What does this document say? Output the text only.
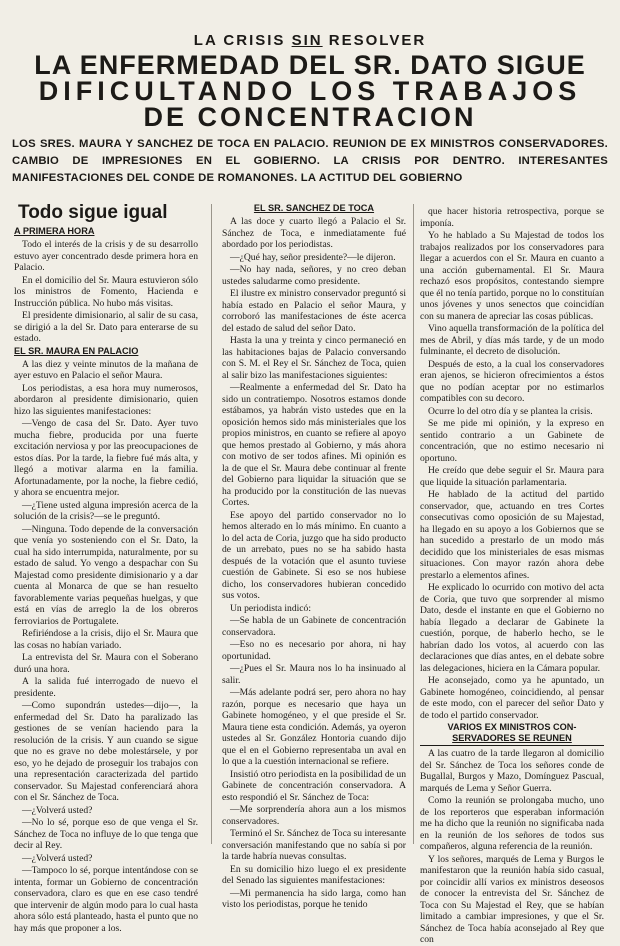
LA CRISIS SIN RESOLVER
LA ENFERMEDAD DEL SR. DATO SIGUE
DIFICULTANDO LOS TRABAJOS
DE CONCENTRACION
LOS SRES. MAURA Y SANCHEZ DE TOCA EN PALACIO. REUNION DE EX MINISTROS CONSERVADORES. CAMBIO DE IMPRESIONES EN EL GOBIERNO. LA CRISIS POR DENTRO. INTERESANTES MANIFESTACIONES DEL CONDE DE ROMANONES. LA ACTITUD DEL GOBIERNO
Todo sigue igual
A PRIMERA HORA

Todo el interés de la crisis y de su desarrollo estuvo ayer concentrado desde primera hora en Palacio.

En el domicilio del Sr. Maura estuvieron sólo los ministros de Fomento, Hacienda e Instrucción pública. No hubo más visitas.

El presidente dimisionario, al salir de su casa, se dirigió a la del Sr. Dato para enterarse de su estado.

EL SR. MAURA EN PALACIO

A las diez y veinte minutos de la mañana de ayer estuvo en Palacio el señor Maura.

Los periodistas, a esa hora muy numerosos, abordaron al presidente dimisionario, quien hizo las siguientes manifestaciones:

—Vengo de casa del Sr. Dato. Ayer tuvo mucha fiebre, producida por una fuerte excitación nerviosa y por las preocupaciones de estos días. Por la tarde, la fiebre fué más alta, y llegó a motivar alarma en la familia. Afortunadamente, por la noche, la fiebre cedió, y ahora se encuentra mejor.

—¿Tiene usted alguna impresión acerca de la solución de la crisis?—se le preguntó.

—Ninguna. Todo depende de la conversación que venía yo sosteniendo con el Sr. Dato, la cual ha sido interrumpida, naturalmente, por su estado de salud. Yo vengo a despachar con Su Majestad como presidente dimisionario y a dar cuenta al Monarca de que se han resuelto favorablemente varias pequeñas huelgas, y que está en vías de arreglo la de los obreros ferroviarios de Portugalete.

Refiriéndose a la crisis, dijo el Sr. Maura que las cosas no habían variado.

La entrevista del Sr. Maura con el Soberano duró una hora.

A la salida fué interrogado de nuevo el presidente.

—Como supondrán ustedes—dijo—, la enfermedad del Sr. Dato ha paralizado las gestiones de se venían haciendo para la resolución de la crisis. Y aun cuando se sigue que no es grave no debe molestársele, y por eso, yo he dejado de proseguir los trabajos con una representación caracterizada del partido conservador. Su Majestad conferenciará ahora con el Sr. Sánchez de Toca.

—¿Volverá usted?

—No lo sé, porque eso de que venga el Sr. Sánchez de Toca no influye de lo que tenga que decir al Rey.

—¿Volverá usted?

—Tampoco lo sé, porque intentándose con se intenta, formar un Gobierno de concentración conservadora, claro es que en ese caso tendré que intervenir de algún modo para lo cual hasta ahora sólo está planteado, hasta el punto que no hay más que proponer a los.

EL SR. SANCHEZ DE TOCA

A las doce y cuarto llegó a Palacio el Sr. Sánchez de Toca, e inmediatamente fué abordado por los periodistas.

—¿Qué hay, señor presidente?—le dijeron.

—No hay nada, señores, y no creo deban ustedes saludarme como presidente.

El ilustre ex ministro conservador preguntó si había estado en Palacio el señor Maura, y corroboró las manifestaciones de éste acerca del estado de salud del señor Dato.

Hasta la una y treinta y cinco permaneció en las habitaciones bajas de Palacio conversando con S. M. el Rey el Sr. Sánchez de Toca, quien al salir bizo las manifestaciones siguientes:

—Realmente a enfermedad del Sr. Dato ha sido un contratiempo. Nosotros estamos donde estábamos, ya habrán visto ustedes que en la oposición hemos sido más ministeriales que los propios ministros, en cuanto se refiere al apoyo que hemos prestado al Gobierno, y más ahora con motivo de ser todos afines. Mi opinión es la de que el Sr. Maura debe continuar al frente del Gobierno para liquidar la situación que se ha producido por la constitución de las nuevas Cortes.

Ese apoyo del partido conservador no lo hemos alterado en lo más mínimo. En cuanto a lo del acta de Coria, juzgo que ha sido producto de un arrebato, pues no se ha sabido hasta después de la votación que el asunto tuviese cuestión de Gabinete. Si eso se nos hubiese dicho, los conservadores hubieran concedido sus votos.

Un periodista indicó:

—Se habla de un Gabinete de concentración conservadora.

—Eso no es necesario por ahora, ni hay oportunidad.

—¿Pues el Sr. Maura nos lo ha insinuado al salir.

—Más adelante podrá ser, pero ahora no hay razón, porque es necesario que haya un Gabinete homogéneo, y el que preside el Sr. Maura tiene esta condición. Además, ya oyeron ustedes al Sr. González Hontoria cuando dijo que el en el Gobierno representaba un aval en lo que a la cuestión internacional se refiere.

Insistió otro periodista en la posibilidad de un Gabinete de concentración conservadora. A esto respondió el Sr. Sánchez de Toca:

—Me sorprendería ahora aun a los mismos conservadores.

Terminó el Sr. Sánchez de Toca su interesante conversación manifestando que no sabía si por la tarde habría nuevas consultas.

En su domicilio hizo luego el ex presidente del Senado las siguientes manifestaciones:

—Mi permanencia ha sido larga, como han visto los periodistas, porque he tenido

que hacer historia retrospectiva, porque se imponía.

Yo he hablado a Su Majestad de todos los trabajos realizados por los conservadores para llegar a acuerdos con el Sr. Maura en cuanto a una acción gubernamental. El Sr. Maura rechazó esos propósitos, contestando siempre que él no tenía partido, porque no lo constituían unos jóvenes y unos senectos que coincidían con su manera de apreciar las cosas públicas.

Vino aquella transformación de la política del mes de Abril, y días más tarde, y de un modo fulminante, el decreto de disolución.

Después de esto, a la cual los conservadores eran ajenos, se hicieron ofrecimientos a éstos que no podían aceptar por no estimarlos compatibles con su decoro.

Ocurre lo del otro día y se plantea la crisis.

Se me pide mi opinión, y la expreso en sentido contrario a un Gabinete de concentración, que no estimo necesario ni oportuno.

He creído que debe seguir el Sr. Maura para que liquide la situación parlamentaria.

He hablado de la actitud del partido conservador, que, actuando en tres Cortes consecutivas como oposición de su Majestad, ha llegado en su apoyo a los Gobiernos que se han sucedido a prestarlo de un modo más decidido que los ministeriales de esas mismas situaciones. Con mayor razón ahora debe prestarlo a elementos afines.

He explicado lo ocurrido con motivo del acta de Coria, que tuvo que sorprender al mismo Dato, desde el instante en que el Gobierno no había llegado a declarar de Gabinete la cuestión, porque, de haberlo hecho, se le habrían dado los votos, al acuerdo con las declaraciones que días antes, en el debate sobre las delegaciones, hiciera en la Cámara popular.

He aconsejado, como ya he apuntado, un Gabinete homogéneo, coincidiendo, al pensar de este modo, con el parecer del señor Dato y de todo el partido conservador.

VARIOS EX MINISTROS CON-
SERVADORES SE REUNEN

A las cuatro de la tarde llegaron al domicilio del Sr. Sánchez de Toca los señores conde de Bugallal, Burgos y Mazo, Domínguez Pascual, marqués de Lema y Señor Guerra.

Como la reunión se prolongaba mucho, uno de los reporteros que esperaban información me ha dicho que la reunión no significaba nada en la reunión de los señores de todos sus compañeros, alguna referencia de la reunión.

Y los señores, marqués de Lema y Burgos le manifestaron que la reunión había sido casual, por coincidir allí varios ex ministros deseosos de conocer la entrevista del Sr. Sánchez de Toca con Su Majestad el Rey, que se habían limitado a cambiar impresiones, y que el Sr. Sánchez de Toca había aconsejado al Rey que con
